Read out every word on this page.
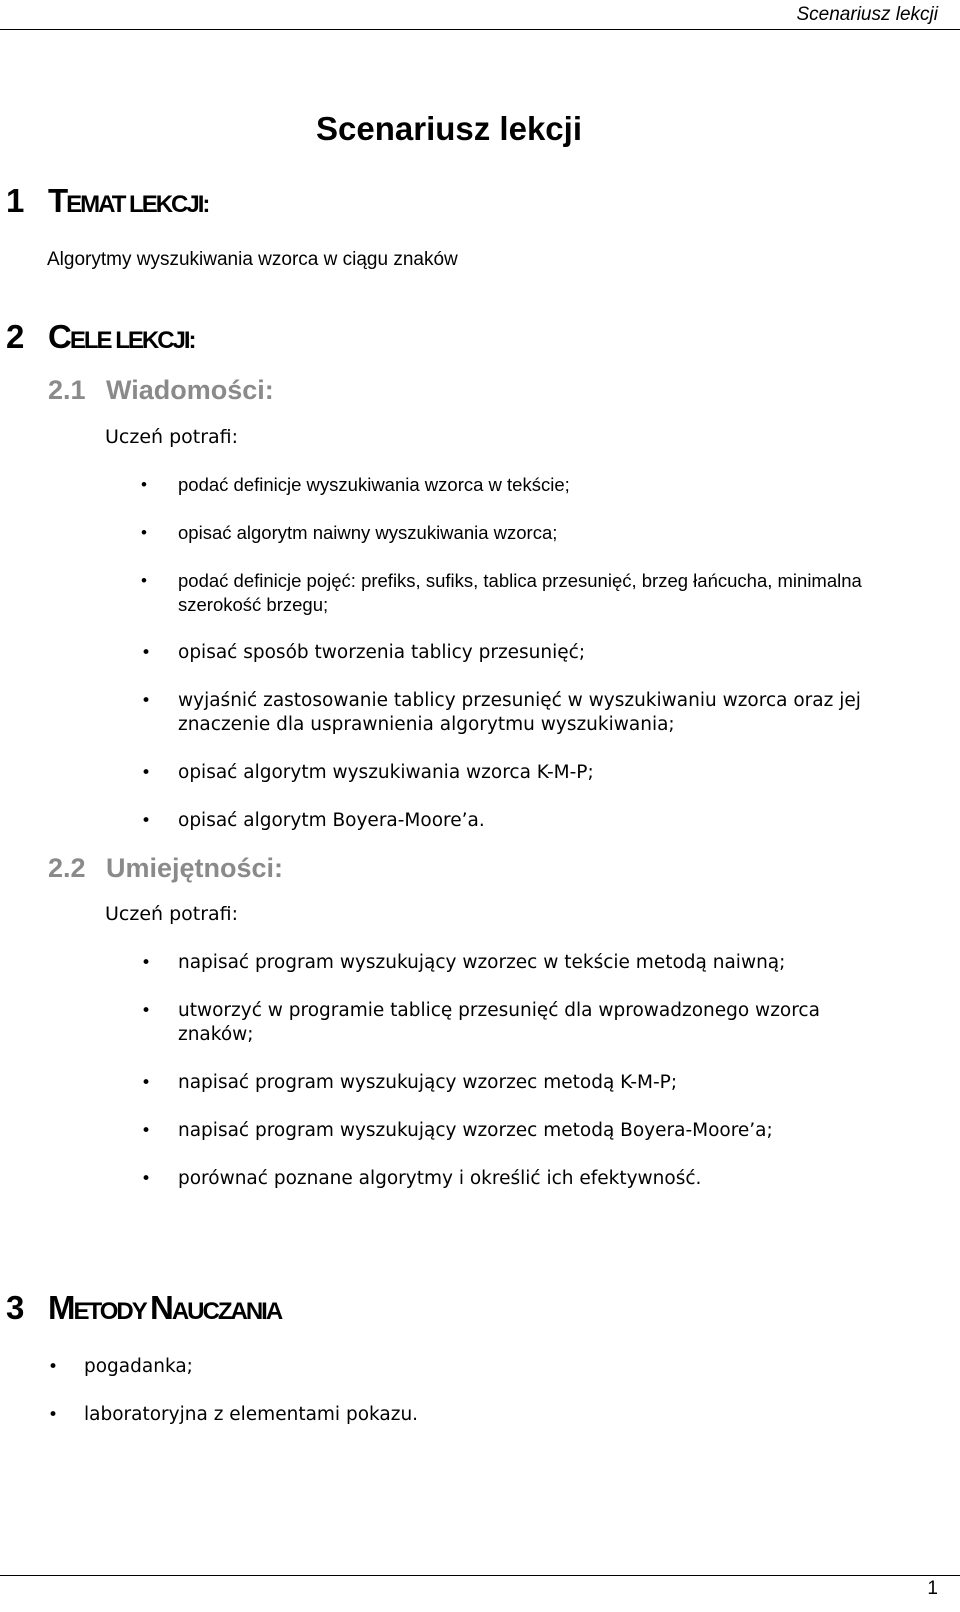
Scenariusz lekcji
Scenariusz lekcji
1 TEMAT LEKCJI:

Algorytmy wyszukiwania wzorca w ciągu znaków

2 CELE LEKCJI:
2.1 Wiadomości:

Uczeń potrafi:

• podać definicje wyszukiwania wzorca w tekście;
• opisać algorytm naiwny wyszukiwania wzorca;
• podać definicje pojęć: prefiks, sufiks, tablica przesunięć, brzeg łańcucha, minimalna szerokość brzegu;
• opisać sposób tworzenia tablicy przesunięć;
• wyjaśnić zastosowanie tablicy przesunięć w wyszukiwaniu wzorca oraz jej znaczenie dla usprawnienia algorytmu wyszukiwania;
• opisać algorytm wyszukiwania wzorca K-M-P;
• opisać algorytm Boyera-Moore’a.
2.2 Umiejętności:

Uczeń potrafi:

• napisać program wyszukujący wzorzec w tekście metodą naiwną;
• utworzyć w programie tablicę przesunięć dla wprowadzonego wzorca znaków;
• napisać program wyszukujący wzorzec metodą K-M-P;
• napisać program wyszukujący wzorzec metodą Boyera-Moore’a;
• porównać poznane algorytmy i określić ich efektywność.
3 METODY NAUCZANIA
• pogadanka;
• laboratoryjna z elementami pokazu.
1
